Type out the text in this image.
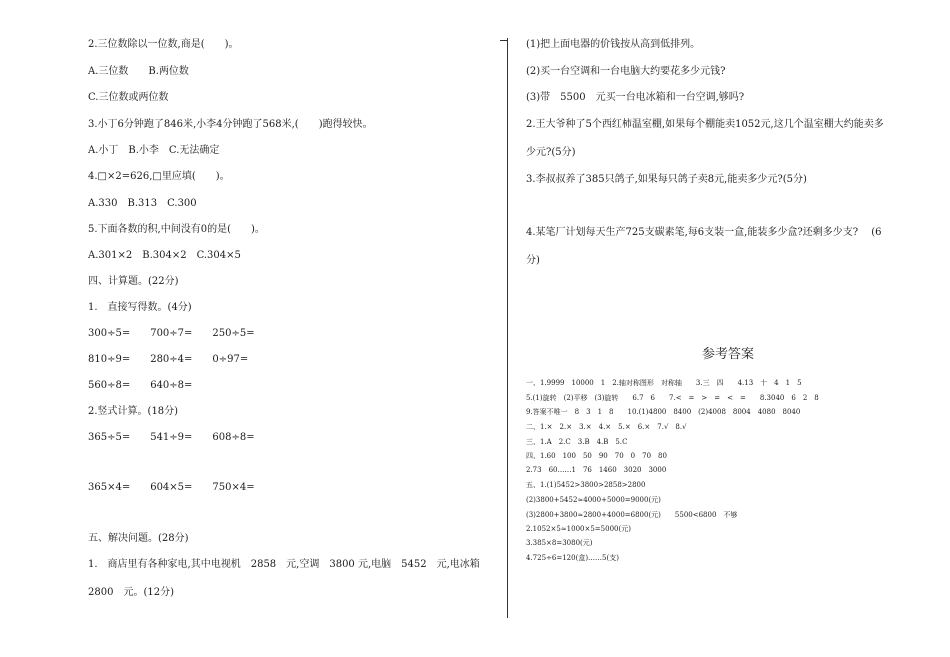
2.三位数除以一位数,商是(　　)。
A.三位数　　B.两位数
C.三位数或两位数
3.小丁6分钟跑了846米,小李4分钟跑了568米,(　　)跑得较快。
A.小丁　B.小李　C.无法确定
4.□×2=626,□里应填(　　)。
A.330　B.313　C.300
5.下面各数的积,中间没有0的是(　　)。
A.301×2　B.304×2　C.304×5
四、计算题。(22分)
1.　直接写得数。(4分)
300÷5=　　700÷7=　　250÷5=
810÷9=　　280÷4=　　0÷97=
560÷8=　　640÷8=
2.竖式计算。(18分)
365÷5=　　541÷9=　　608÷8=
365×4=　　604×5=　　750×4=
五、解决问题。(28分)
1.　商店里有各种家电,其中电视机　2858　元,空调　3800 元,电脑　5452　元,电冰箱
2800　元。(12分)
(1)把上面电器的价钱按从高到低排列。
(2)买一台空调和一台电脑大约要花多少元钱?
(3)带　5500　元买一台电冰箱和一台空调,够吗?
2.王大爷种了5个西红柿温室棚,如果每个棚能卖1052元,这几个温室棚大约能卖多
少元?(5分)
3.李叔叔养了385只鸽子,如果每只鸽子卖8元,能卖多少元?(5分)
4.某笔厂计划每天生产725支碳素笔,每6支装一盒,能装多少盒?还剩多少支?　 (6
分)
参考答案
一、1.9999　10000　1　2.轴对称图形　对称轴　　3.三　四　　4.13　十　4　1　5
5.(1)旋转　(2)平移　(3)旋转　　6.7　6　　7.<　=　>　=　<　=　　8.3040　6　2　8
9.答案不唯一　8　3　1　8　　10.(1)4800　8400　(2)4008　8004　4080　8040
二、1.×　2.×　3.×　4.×　5.×　6.×　7.√　8.√
三、1.A　2.C　3.B　4.B　5.C
四、1.60　100　50　90　70　0　70　80
2.73　60……1　76　1460　3020　3000
五、1.(1)5452>3800>2858>2800
(2)3800+5452≈4000+5000=9000(元)
(3)2800+3800≈2800+4000=6800(元)　　5500<6800　不够
2.1052×5≈1000×5=5000(元)
3.385×8=3080(元)
4.725÷6=120(盒)……5(支)
